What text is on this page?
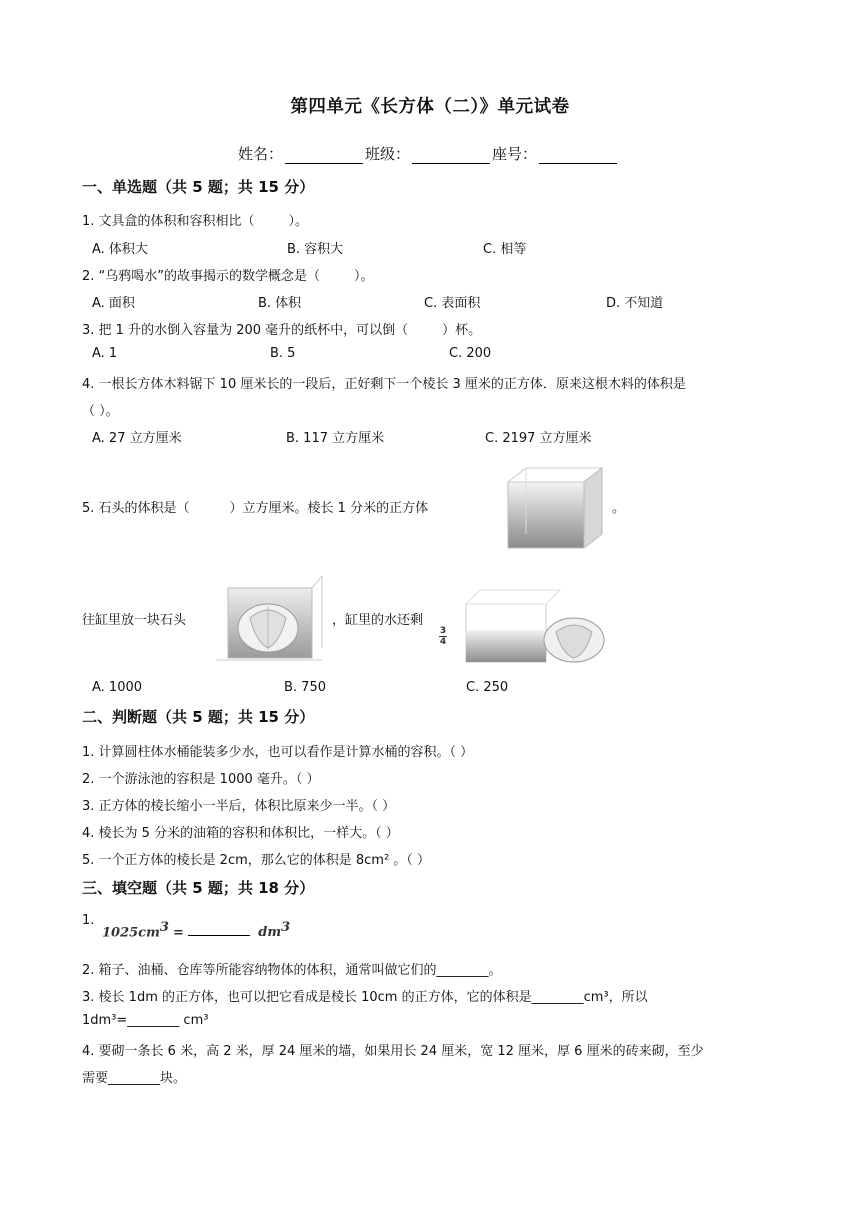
第四单元《长方体（二）》单元试卷
姓名：	班级：	座号：
一、单选题（共 5 题；共 15 分）
1. 文具盒的体积和容积相比（	）。
A. 体积大	B. 容积大	C. 相等
2. “乌鸦喝水”的故事揭示的数学概念是（	）。
A. 面积	B. 体积	C. 表面积	D. 不知道
3. 把 1 升的水倒入容量为 200 毫升的纸杯中，可以倒（	）杯。
A. 1	B. 5	C. 200
4. 一根长方体木料锯下 10 厘米长的一段后，正好剩下一个棱长 3 厘米的正方体．原来这根木料的体积是
（ ）。
A. 27 立方厘米	B. 117 立方厘米	C. 2197 立方厘米
5. 石头的体积是（	）立方厘米。棱长 1 分米的正方体	。
往缸里放一块石头	，缸里的水还剩
3
4
A. 1000	B. 750	C. 250
二、判断题（共 5 题；共 15 分）
1. 计算圆柱体水桶能装多少水，也可以看作是计算水桶的容积。（ ）
2. 一个游泳池的容积是 1000 毫升。（ ）
3. 正方体的棱长缩小一半后，体积比原来少一半。（ ）
4. 棱长为 5 分米的油箱的容积和体积比，一样大。（ ）
5. 一个正方体的棱长是 2cm，那么它的体积是 8cm² 。（ ）
三、填空题（共 5 题；共 18 分）
1.
$1025cm^3$ =	$dm^3$
2. 箱子、油桶、仓库等所能容纳物体的体积，通常叫做它们的________。
3. 棱长 1dm 的正方体，也可以把它看成是棱长 10cm 的正方体，它的体积是________cm³，所以
1dm³=________ cm³
4. 要砌一条长 6 米，高 2 米，厚 24 厘米的墙，如果用长 24 厘米，宽 12 厘米，厚 6 厘米的砖来砌，至少
需要________块。
